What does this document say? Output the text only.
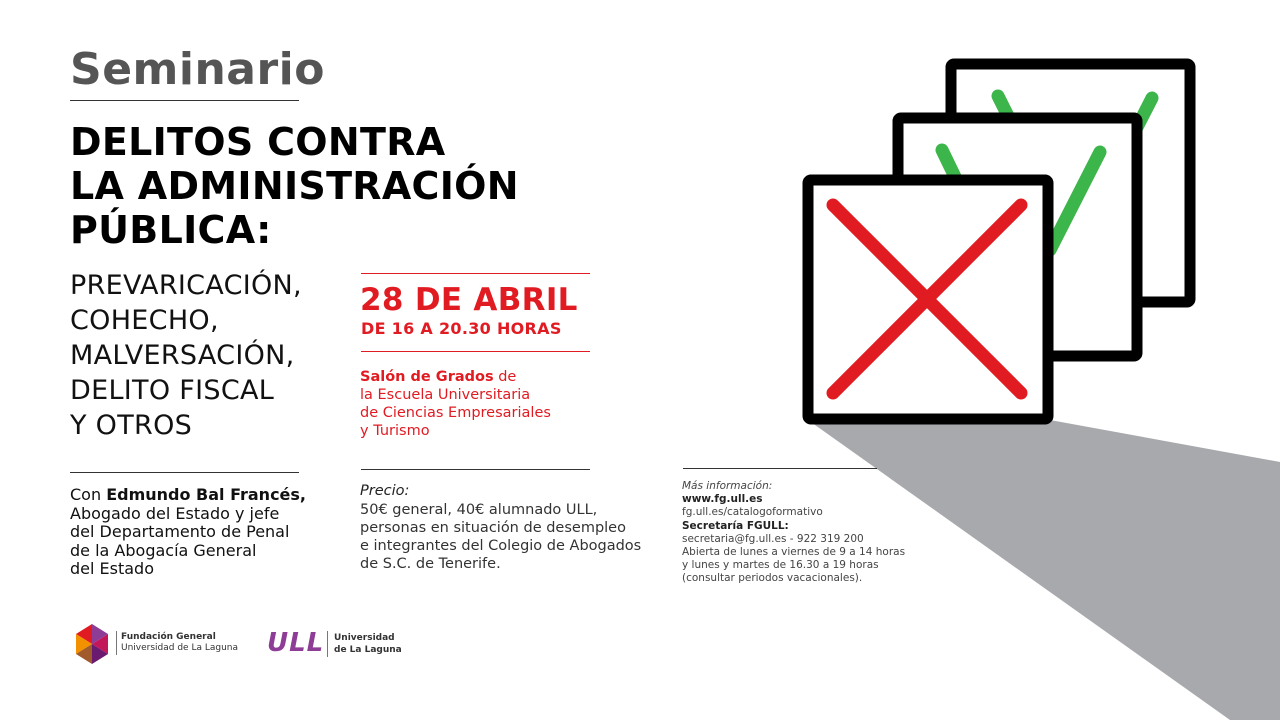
Seminario
DELITOS CONTRA
LA ADMINISTRACIÓN
PÚBLICA:
PREVARICACIÓN,
COHECHO,
MALVERSACIÓN,
DELITO FISCAL
Y OTROS
Con Edmundo Bal Francés,
Abogado del Estado y jefe
del Departamento de Penal
de la Abogacía General
del Estado
28 DE ABRIL
DE 16 A 20.30 HORAS
Salón de Grados de
la Escuela Universitaria
de Ciencias Empresariales
y Turismo
Precio:
50€ general, 40€ alumnado ULL,
personas en situación de desempleo
e integrantes del Colegio de Abogados
de S.C. de Tenerife.
Más información:
www.fg.ull.es
fg.ull.es/catalogoformativo
Secretaría FGULL:
secretaria@fg.ull.es - 922 319 200
Abierta de lunes a viernes de 9 a 14 horas
y lunes y martes de 16.30 a 19 horas
(consultar periodos vacacionales).
Fundación General
Universidad de La Laguna ULL Universidad
de La Laguna
